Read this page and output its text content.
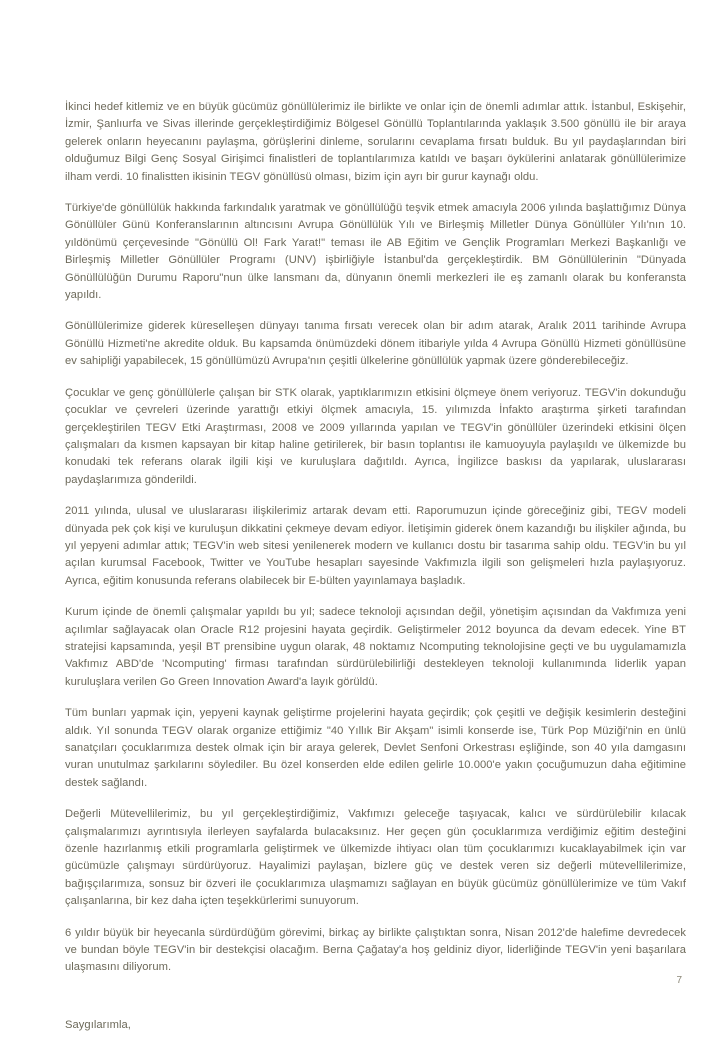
İkinci hedef kitlemiz ve en büyük gücümüz gönüllülerimiz ile birlikte ve onlar için de önemli adımlar attık. İstanbul, Eskişehir, İzmir, Şanlıurfa ve Sivas illerinde gerçekleştirdiğimiz Bölgesel Gönüllü Toplantılarında yaklaşık 3.500 gönüllü ile bir araya gelerek onların heyecanını paylaşma, görüşlerini dinleme, sorularını cevaplama fırsatı bulduk. Bu yıl paydaşlarından biri olduğumuz Bilgi Genç Sosyal Girişimci finalistleri de toplantılarımıza katıldı ve başarı öykülerini anlatarak gönüllülerimize ilham verdi. 10 finalistten ikisinin TEGV gönüllüsü olması, bizim için ayrı bir gurur kaynağı oldu.

Türkiye'de gönüllülük hakkında farkındalık yaratmak ve gönüllülüğü teşvik etmek amacıyla 2006 yılında başlattığımız Dünya Gönüllüler Günü Konferanslarının altıncısını Avrupa Gönüllülük Yılı ve Birleşmiş Milletler Dünya Gönüllüler Yılı'nın 10. yıldönümü çerçevesinde "Gönüllü Ol! Fark Yarat!" teması ile AB Eğitim ve Gençlik Programları Merkezi Başkanlığı ve Birleşmiş Milletler Gönüllüler Programı (UNV) işbirliğiyle İstanbul'da gerçekleştirdik. BM Gönüllülerinin "Dünyada Gönüllülüğün Durumu Raporu"nun ülke lansmanı da, dünyanın önemli merkezleri ile eş zamanlı olarak bu konferansta yapıldı.

Gönüllülerimize giderek küreselleşen dünyayı tanıma fırsatı verecek olan bir adım atarak, Aralık 2011 tarihinde Avrupa Gönüllü Hizmeti'ne akredite olduk. Bu kapsamda önümüzdeki dönem itibariyle yılda 4 Avrupa Gönüllü Hizmeti gönüllüsüne ev sahipliği yapabilecek, 15 gönüllümüzü Avrupa'nın çeşitli ülkelerine gönüllülük yapmak üzere gönderebileceğiz.

Çocuklar ve genç gönüllülerle çalışan bir STK olarak, yaptıklarımızın etkisini ölçmeye önem veriyoruz. TEGV'in dokunduğu çocuklar ve çevreleri üzerinde yarattığı etkiyi ölçmek amacıyla, 15. yılımızda İnfakto araştırma şirketi tarafından gerçekleştirilen TEGV Etki Araştırması, 2008 ve 2009 yıllarında yapılan ve TEGV'in gönüllüler üzerindeki etkisini ölçen çalışmaları da kısmen kapsayan bir kitap haline getirilerek, bir basın toplantısı ile kamuoyuyla paylaşıldı ve ülkemizde bu konudaki tek referans olarak ilgili kişi ve kuruluşlara dağıtıldı. Ayrıca, İngilizce baskısı da yapılarak, uluslararası paydaşlarımıza gönderildi.

2011 yılında, ulusal ve uluslararası ilişkilerimiz artarak devam etti. Raporumuzun içinde göreceğiniz gibi, TEGV modeli dünyada pek çok kişi ve kuruluşun dikkatini çekmeye devam ediyor. İletişimin giderek önem kazandığı bu ilişkiler ağında, bu yıl yepyeni adımlar attık; TEGV'in web sitesi yenilenerek modern ve kullanıcı dostu bir tasarıma sahip oldu. TEGV'in bu yıl açılan kurumsal Facebook, Twitter ve YouTube hesapları sayesinde Vakfımızla ilgili son gelişmeleri hızla paylaşıyoruz. Ayrıca, eğitim konusunda referans olabilecek bir E-bülten yayınlamaya başladık.

Kurum içinde de önemli çalışmalar yapıldı bu yıl; sadece teknoloji açısından değil, yönetişim açısından da Vakfımıza yeni açılımlar sağlayacak olan Oracle R12 projesini hayata geçirdik. Geliştirmeler 2012 boyunca da devam edecek. Yine BT stratejisi kapsamında, yeşil BT prensibine uygun olarak, 48 noktamız Ncomputing teknolojisine geçti ve bu uygulamamızla Vakfımız ABD'de 'Ncomputing' firması tarafından sürdürülebilirliği destekleyen teknoloji kullanımında liderlik yapan kuruluşlara verilen Go Green Innovation Award'a layık görüldü.

Tüm bunları yapmak için, yepyeni kaynak geliştirme projelerini hayata geçirdik; çok çeşitli ve değişik kesimlerin desteğini aldık. Yıl sonunda TEGV olarak organize ettiğimiz "40 Yıllık Bir Akşam" isimli konserde ise, Türk Pop Müziği'nin en ünlü sanatçıları çocuklarımıza destek olmak için bir araya gelerek, Devlet Senfoni Orkestrası eşliğinde, son 40 yıla damgasını vuran unutulmaz şarkılarını söylediler. Bu özel konserden elde edilen gelirle 10.000'e yakın çocuğumuzun daha eğitimine destek sağlandı.

Değerli Mütevellilerimiz, bu yıl gerçekleştirdiğimiz, Vakfımızı geleceğe taşıyacak, kalıcı ve sürdürülebilir kılacak çalışmalarımızı ayrıntısıyla ilerleyen sayfalarda bulacaksınız. Her geçen gün çocuklarımıza verdiğimiz eğitim desteğini özenle hazırlanmış etkili programlarla geliştirmek ve ülkemizde ihtiyacı olan tüm çocuklarımızı kucaklayabilmek için var gücümüzle çalışmayı sürdürüyoruz. Hayalimizi paylaşan, bizlere güç ve destek veren siz değerli mütevellilerimize, bağışçılarımıza, sonsuz bir özveri ile çocuklarımıza ulaşmamızı sağlayan en büyük gücümüz gönüllülerimize ve tüm Vakıf çalışanlarına, bir kez daha içten teşekkürlerimi sunuyorum.

6 yıldır büyük bir heyecanla sürdürdüğüm görevimi, birkaç ay birlikte çalıştıktan sonra, Nisan 2012'de halefime devredecek ve bundan böyle TEGV'in bir destekçisi olacağım. Berna Çağatay'a hoş geldiniz diyor, liderliğinde TEGV'in yeni başarılara ulaşmasını diliyorum.

Saygılarımla,

7
